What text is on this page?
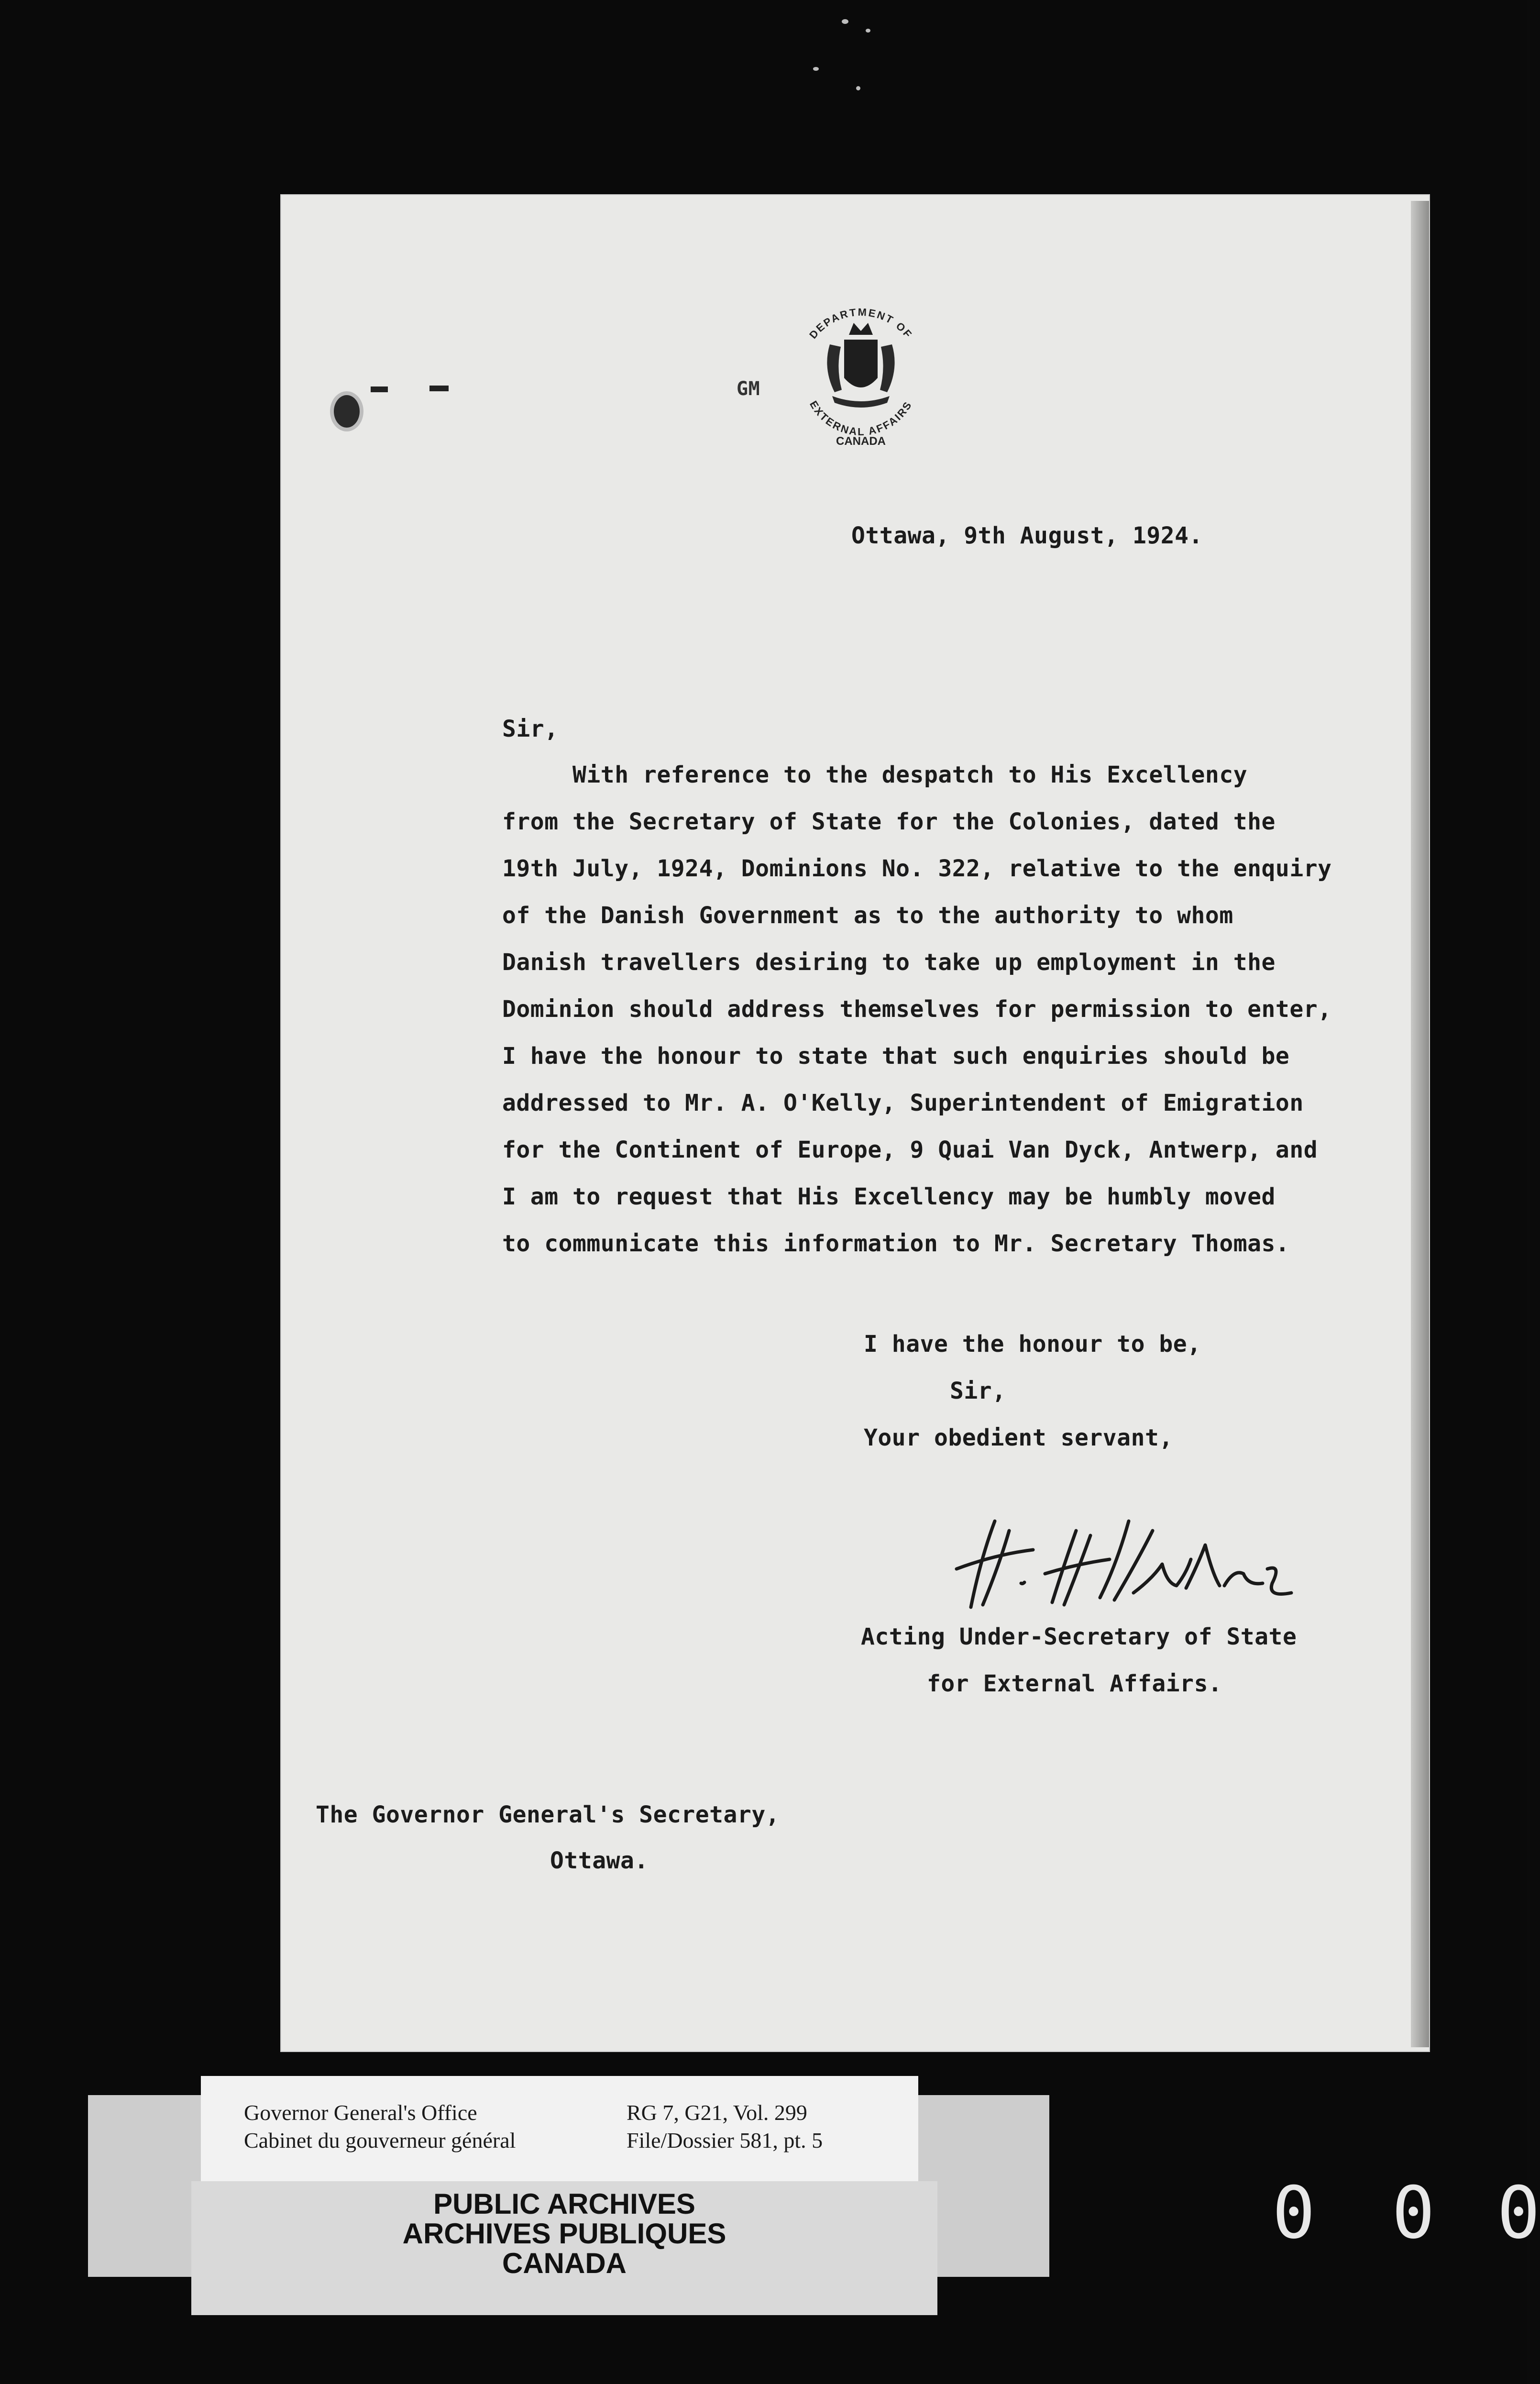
GM
DEPARTMENT OF
EXTERNAL AFFAIRS
CANADA
Ottawa, 9th August, 1924.
Sir,
With reference to the despatch to His Excellency
from the Secretary of State for the Colonies, dated the
19th July, 1924, Dominions No. 322, relative to the enquiry
of the Danish Government as to the authority to whom
Danish travellers desiring to take up employment in the
Dominion should address themselves for permission to enter,
I have the honour to state that such enquiries should be
addressed to Mr. A. O'Kelly, Superintendent of Emigration
for the Continent of Europe, 9 Quai Van Dyck, Antwerp, and
I am to request that His Excellency may be humbly moved
to communicate this information to Mr. Secretary Thomas.
I have the honour to be,
Sir,
Your obedient servant,
Acting Under-Secretary of State
for External Affairs.
The Governor General's Secretary,
Ottawa.
Governor General's Office
Cabinet du gouverneur général
RG 7, G21, Vol. 299
File/Dossier 581, pt. 5
PUBLIC ARCHIVES
ARCHIVES PUBLIQUES
CANADA
0 0 0
